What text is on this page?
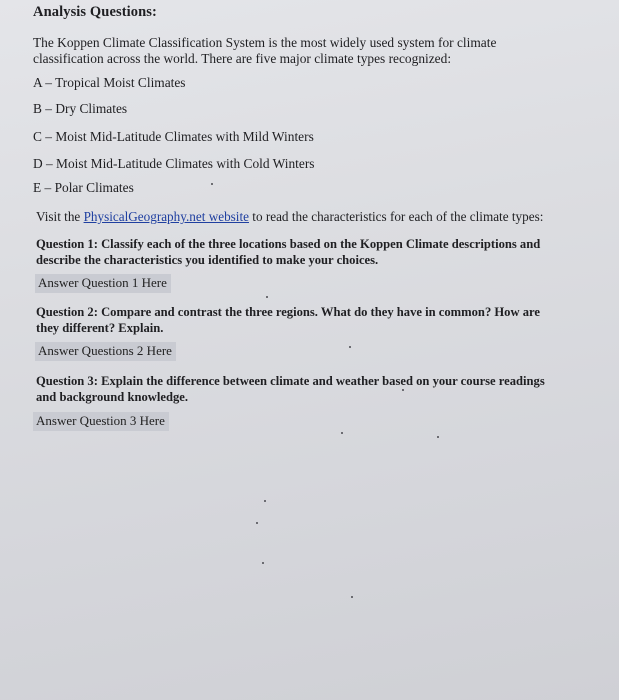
Analysis Questions:

The Koppen Climate Classification System is the most widely used system for climate classification across the world. There are five major climate types recognized:

A – Tropical Moist Climates

B – Dry Climates

C – Moist Mid-Latitude Climates with Mild Winters

D – Moist Mid-Latitude Climates with Cold Winters

E – Polar Climates

Visit the PhysicalGeography.net website to read the characteristics for each of the climate types:

Question 1: Classify each of the three locations based on the Koppen Climate descriptions and describe the characteristics you identified to make your choices.

Answer Question 1 Here

Question 2: Compare and contrast the three regions. What do they have in common? How are they different? Explain.

Answer Questions 2 Here

Question 3: Explain the difference between climate and weather based on your course readings and background knowledge.

Answer Question 3 Here
